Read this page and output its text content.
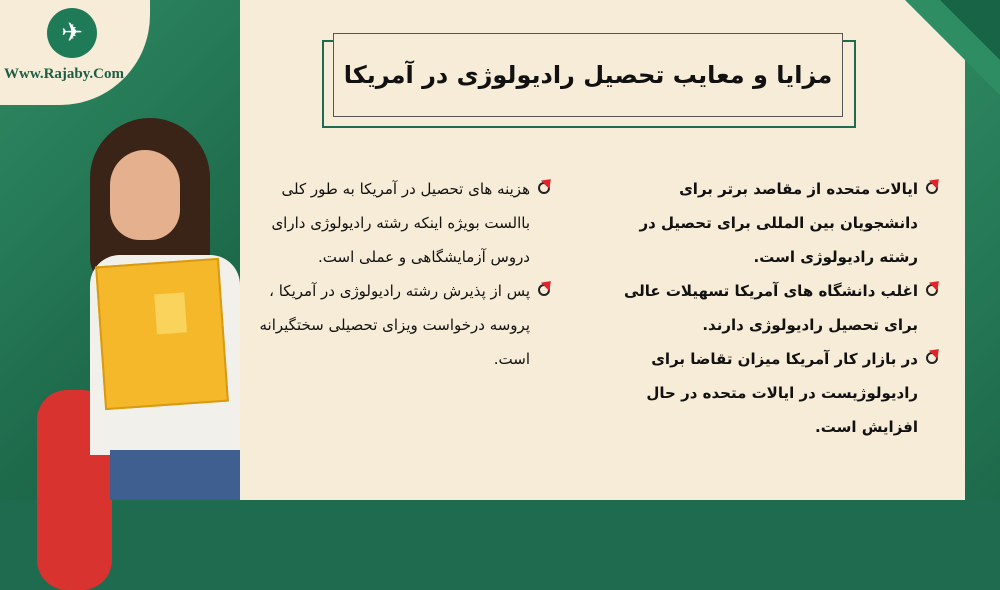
✈
Www.Rajaby.Com	مزایا و معایب تحصیل رادیولوژی در آمریکا
ایالات متحده از مقاصد برتر برای دانشجویان بین المللی برای تحصیل در رشته رادیولوژی است.
اغلب دانشگاه های آمریکا تسهیلات عالی برای تحصیل رادیولوژی دارند.
در بازار کار آمریکا میزان تقاضا برای رادیولوژیست در ایالات متحده در حال افزایش است.
هزینه های تحصیل در آمریکا به طور کلی باالست بویژه اینکه رشته رادیولوژی دارای دروس آزمایشگاهی و عملی است.
پس از پذیرش رشته رادیولوژی در آمریکا ، پروسه درخواست ویزای تحصیلی سختگیرانه است.
